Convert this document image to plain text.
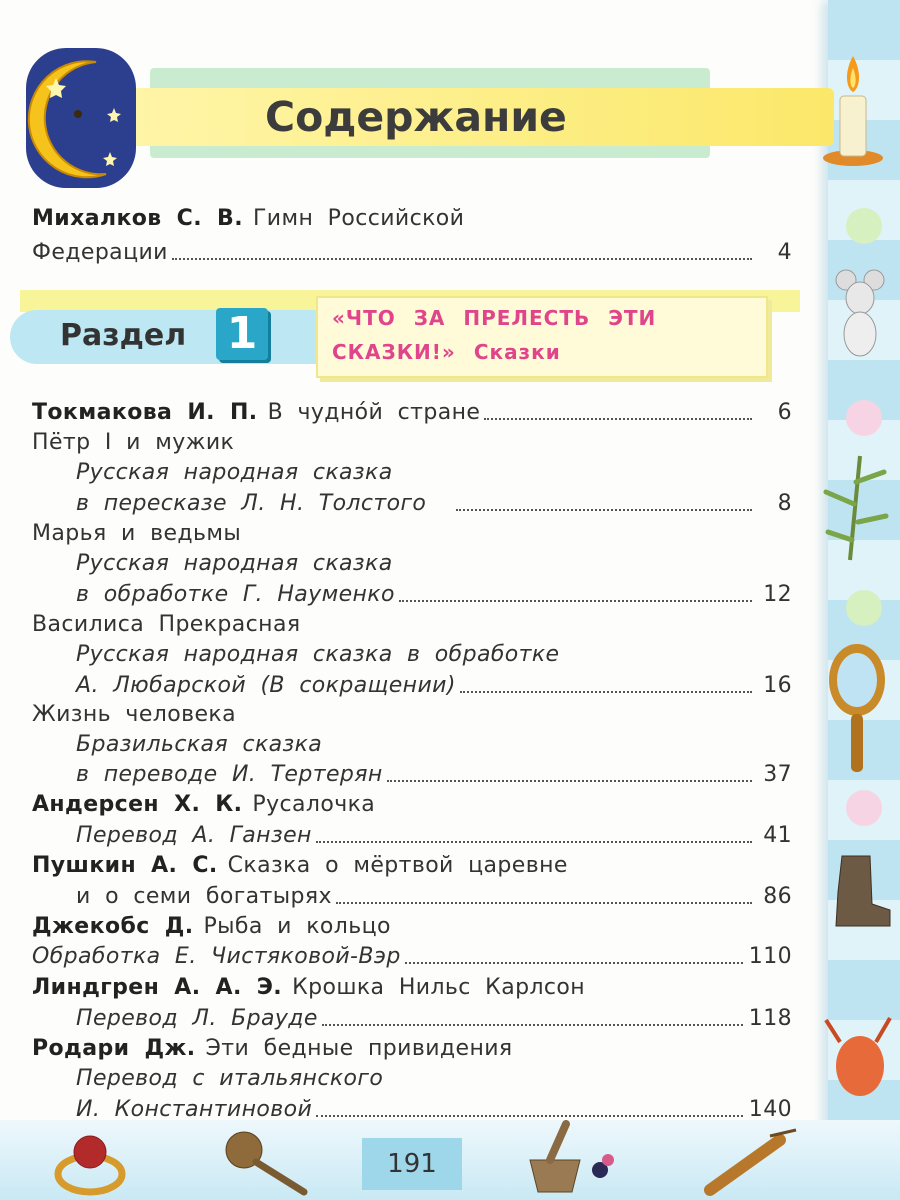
Содержание
Михалков С. В. Гимн Российской
Федерации	4
Раздел 1	«ЧТО ЗА ПРЕЛЕСТЬ ЭТИ
СКАЗКИ!» Сказки
Токмакова И. П. В чудно́й стране	6
Пётр I и мужик
Русская народная сказка
в пересказе Л. Н. Толстого	8
Марья и ведьмы
Русская народная сказка
в обработке Г. Науменко	12
Василиса Прекрасная
Русская народная сказка в обработке
А. Любарской (В сокращении)	16
Жизнь человека
Бразильская сказка
в переводе И. Тертерян	37
Андерсен Х. К. Русалочка
Перевод А. Ганзен	41
Пушкин А. С. Сказка о мёртвой царевне
и о семи богатырях	86
Джекобс Д. Рыба и кольцо
Обработка Е. Чистяковой-Вэр	110
Линдгрен А. А. Э. Крошка Нильс Карлсон
Перевод Л. Брауде	118
Родари Дж. Эти бедные привидения
Перевод с итальянского
И. Константиновой	140
191
